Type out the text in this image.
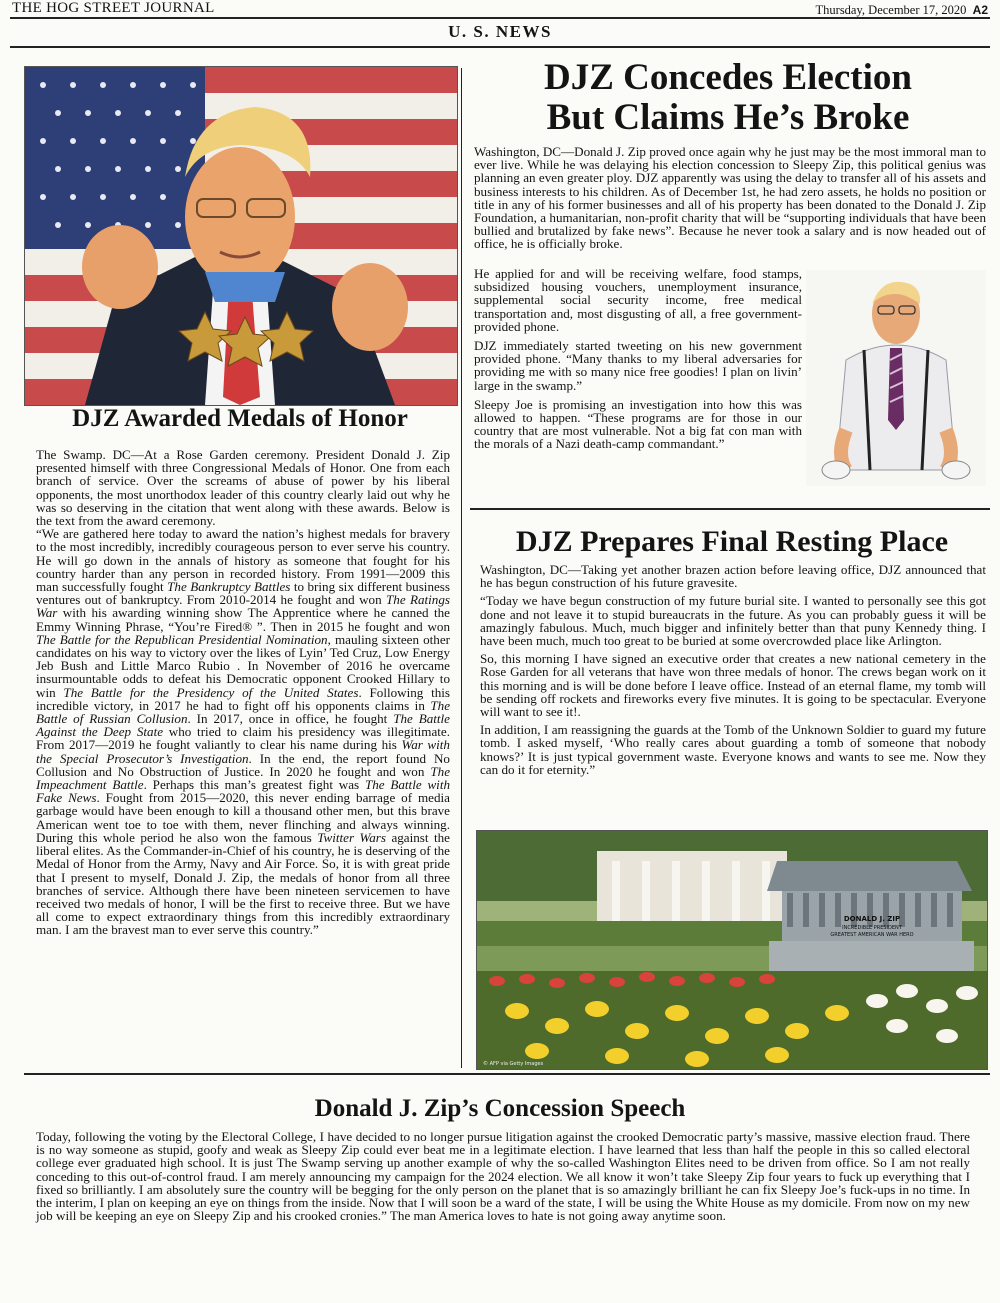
THE HOG STREET JOURNAL	Thursday, December 17, 2020 A2
U. S. NEWS
DJZ Awarded Medals of Honor

The Swamp. DC—At a Rose Garden ceremony. President Donald J. Zip presented himself with three Congressional Medals of Honor. One from each branch of service. Over the screams of abuse of power by his liberal opponents, the most unorthodox leader of this country clearly laid out why he was so deserving in the citation that went along with these awards. Below is the text from the award ceremony.

“We are gathered here today to award the nation’s highest medals for bravery to the most incredibly, incredibly courageous person to ever serve his country. He will go down in the annals of history as someone that fought for his country harder than any person in recorded history. From 1991—2009 this man successfully fought The Bankruptcy Battles to bring six different business ventures out of bankruptcy. From 2010-2014 he fought and won The Ratings War with his awarding winning show The Apprentice where he canned the Emmy Winning Phrase, “You’re Fired® ”. Then in 2015 he fought and won The Battle for the Republican Presidential Nomination, mauling sixteen other candidates on his way to victory over the likes of Lyin’ Ted Cruz, Low Energy Jeb Bush and Little Marco Rubio . In November of 2016 he overcame insurmountable odds to defeat his Democratic opponent Crooked Hillary to win The Battle for the Presidency of the United States. Following this incredible victory, in 2017 he had to fight off his opponents claims in The Battle of Russian Collusion. In 2017, once in office, he fought The Battle Against the Deep State who tried to claim his presidency was illegitimate. From 2017—2019 he fought valiantly to clear his name during his War with the Special Prosecutor’s Investigation. In the end, the report found No Collusion and No Obstruction of Justice. In 2020 he fought and won The Impeachment Battle. Perhaps this man’s greatest fight was The Battle with Fake News. Fought from 2015—2020, this never ending barrage of media garbage would have been enough to kill a thousand other men, but this brave American went toe to toe with them, never flinching and always winning. During this whole period he also won the famous Twitter Wars against the liberal elites. As the Commander-in-Chief of his country, he is deserving of the Medal of Honor from the Army, Navy and Air Force. So, it is with great pride that I present to myself, Donald J. Zip, the medals of honor from all three branches of service. Although there have been nineteen servicemen to have received two medals of honor, I will be the first to receive three. But we have all come to expect extraordinary things from this incredibly extraordinary man. I am the bravest man to ever serve this country.”

DJZ Concedes Election
But Claims He’s Broke
Washington, DC—Donald J. Zip proved once again why he just may be the most immoral man to ever live. While he was delaying his election concession to Sleepy Zip, this political genius was planning an even greater ploy. DJZ apparently was using the delay to transfer all of his assets and business interests to his children. As of December 1st, he had zero assets, he holds no position or title in any of his former businesses and all of his property has been donated to the Donald J. Zip Foundation, a humanitarian, non-profit charity that will be “supporting individuals that have been bullied and brutalized by fake news”. Because he never took a salary and is now headed out of office, he is officially broke.

He applied for and will be receiving welfare, food stamps, subsidized housing vouchers, unemployment insurance, supplemental social security income, free medical transportation and, most disgusting of all, a free government-provided phone.

DJZ immediately started tweeting on his new government provided phone. “Many thanks to my liberal adversaries for providing me with so many nice free goodies! I plan on livin’ large in the swamp.”

Sleepy Joe is promising an investigation into how this was allowed to happen. “These programs are for those in our country that are most vulnerable. Not a big fat con man with the morals of a Nazi death-camp commandant.”

DJZ Prepares Final Resting Place

Washington, DC—Taking yet another brazen action before leaving office, DJZ announced that he has begun construction of his future gravesite.

“Today we have begun construction of my future burial site. I wanted to personally see this got done and not leave it to stupid bureaucrats in the future. As you can probably guess it will be amazingly fabulous. Much, much bigger and infinitely better than that puny Kennedy thing. I have been much, much too great to be buried at some overcrowded place like Arlington.

So, this morning I have signed an executive order that creates a new national cemetery in the Rose Garden for all veterans that have won three medals of honor. The crews began work on it this morning and is will be done before I leave office. Instead of an eternal flame, my tomb will be sending off rockets and fireworks every five minutes. It is going to be spectacular. Everyone will want to see it!.

In addition, I am reassigning the guards at the Tomb of the Unknown Soldier to guard my future tomb. I asked myself, ‘Who really cares about guarding a tomb of someone that nobody knows?’ It is just typical government waste. Everyone knows and wants to see me. Now they can do it for eternity.”

DONALD J. ZIP
INCREDIBLE PRESIDENT
GREATEST AMERICAN WAR HERO
© AFP via Getty Images
Donald J. Zip’s Concession Speech
Today, following the voting by the Electoral College, I have decided to no longer pursue litigation against the crooked Democratic party’s massive, massive election fraud. There is no way someone as stupid, goofy and weak as Sleepy Zip could ever beat me in a legitimate election. I have learned that less than half the people in this so called electoral college ever graduated high school. It is just The Swamp serving up another example of why the so-called Washington Elites need to be driven from office. So I am not really conceding to this out-of-control fraud. I am merely announcing my campaign for the 2024 election. We all know it won’t take Sleepy Zip four years to fuck up everything that I fixed so brilliantly. I am absolutely sure the country will be begging for the only person on the planet that is so amazingly brilliant he can fix Sleepy Joe’s fuck-ups in no time. In the interim, I plan on keeping an eye on things from the inside. Now that I will soon be a ward of the state, I will be using the White House as my domicile. From now on my new job will be keeping an eye on Sleepy Zip and his crooked cronies.” The man America loves to hate is not going away anytime soon.
